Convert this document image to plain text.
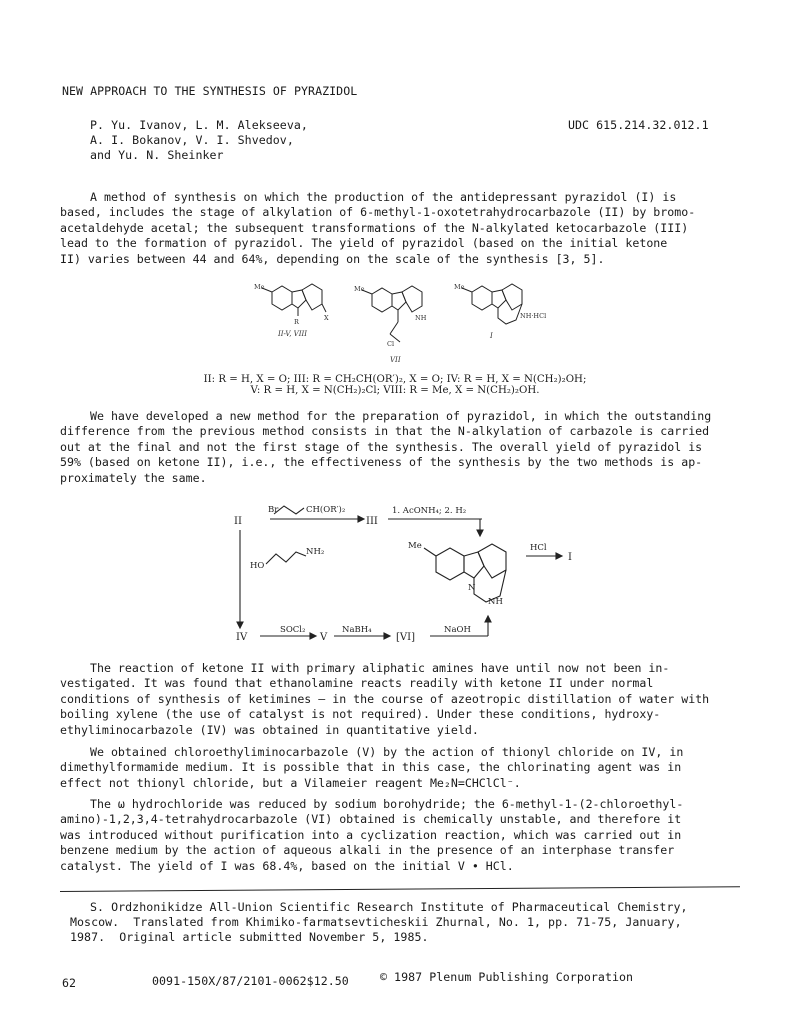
NEW APPROACH TO THE SYNTHESIS OF PYRAZIDOL
P. Yu. Ivanov, L. M. Alekseeva,
A. I. Bokanov, V. I. Shvedov,
and Yu. N. Sheinker
UDC 615.214.32.012.1
A method of synthesis on which the production of the antidepressant pyrazidol (I) is
based, includes the stage of alkylation of 6-methyl-1-oxotetrahydrocarbazole (II) by bromo-
acetaldehyde acetal; the subsequent transformations of the N-alkylated ketocarbazole (III)
lead to the formation of pyrazidol. The yield of pyrazidol (based on the initial ketone
II) varies between 44 and 64%, depending on the scale of the synthesis [3, 5].
Me
R	X
Me
NH
Cl
Me
NH·HCl
II-V, VIII
VII
I
II: R = H, X = O; III: R = CH₂CH(OR′)₂, X = O; IV: R = H, X = N(CH₂)₂OH;
V: R = H, X = N(CH₂)₂Cl; VIII: R = Me, X = N(CH₂)₂OH.
We have developed a new method for the preparation of pyrazidol, in which the outstanding
difference from the previous method consists in that the N-alkylation of carbazole is carried
out at the final and not the first stage of the synthesis. The overall yield of pyrazidol is
59% (based on ketone II), i.e., the effectiveness of the synthesis by the two methods is ap-
proximately the same.
Br	CH(OR′)₂
II	III
1. AcONH₄; 2. H₂
Me
N
NH
HCl
I
HO
NH₂
IV
SOCl₂
V
NaBH₄
[VI]
NaOH
The reaction of ketone II with primary aliphatic amines have until now not been in-
vestigated. It was found that ethanolamine reacts readily with ketone II under normal
conditions of synthesis of ketimines — in the course of azeotropic distillation of water with
boiling xylene (the use of catalyst is not required). Under these conditions, hydroxy-
ethyliminocarbazole (IV) was obtained in quantitative yield.
We obtained chloroethyliminocarbazole (V) by the action of thionyl chloride on IV, in
dimethylformamide medium. It is possible that in this case, the chlorinating agent was in
effect not thionyl chloride, but a Vilameier reagent Me₂N=CHClCl⁻.
The ω hydrochloride was reduced by sodium borohydride; the 6-methyl-1-(2-chloroethyl-
amino)-1,2,3,4-tetrahydrocarbazole (VI) obtained is chemically unstable, and therefore it
was introduced without purification into a cyclization reaction, which was carried out in
benzene medium by the action of aqueous alkali in the presence of an interphase transfer
catalyst. The yield of I was 68.4%, based on the initial V • HCl.
S. Ordzhonikidze All-Union Scientific Research Institute of Pharmaceutical Chemistry,
Moscow.  Translated from Khimiko-farmatsevticheskii Zhurnal, No. 1, pp. 71-75, January,
1987.  Original article submitted November 5, 1985.
62	0091-150X/87/2101-0062$12.50	© 1987 Plenum Publishing Corporation
